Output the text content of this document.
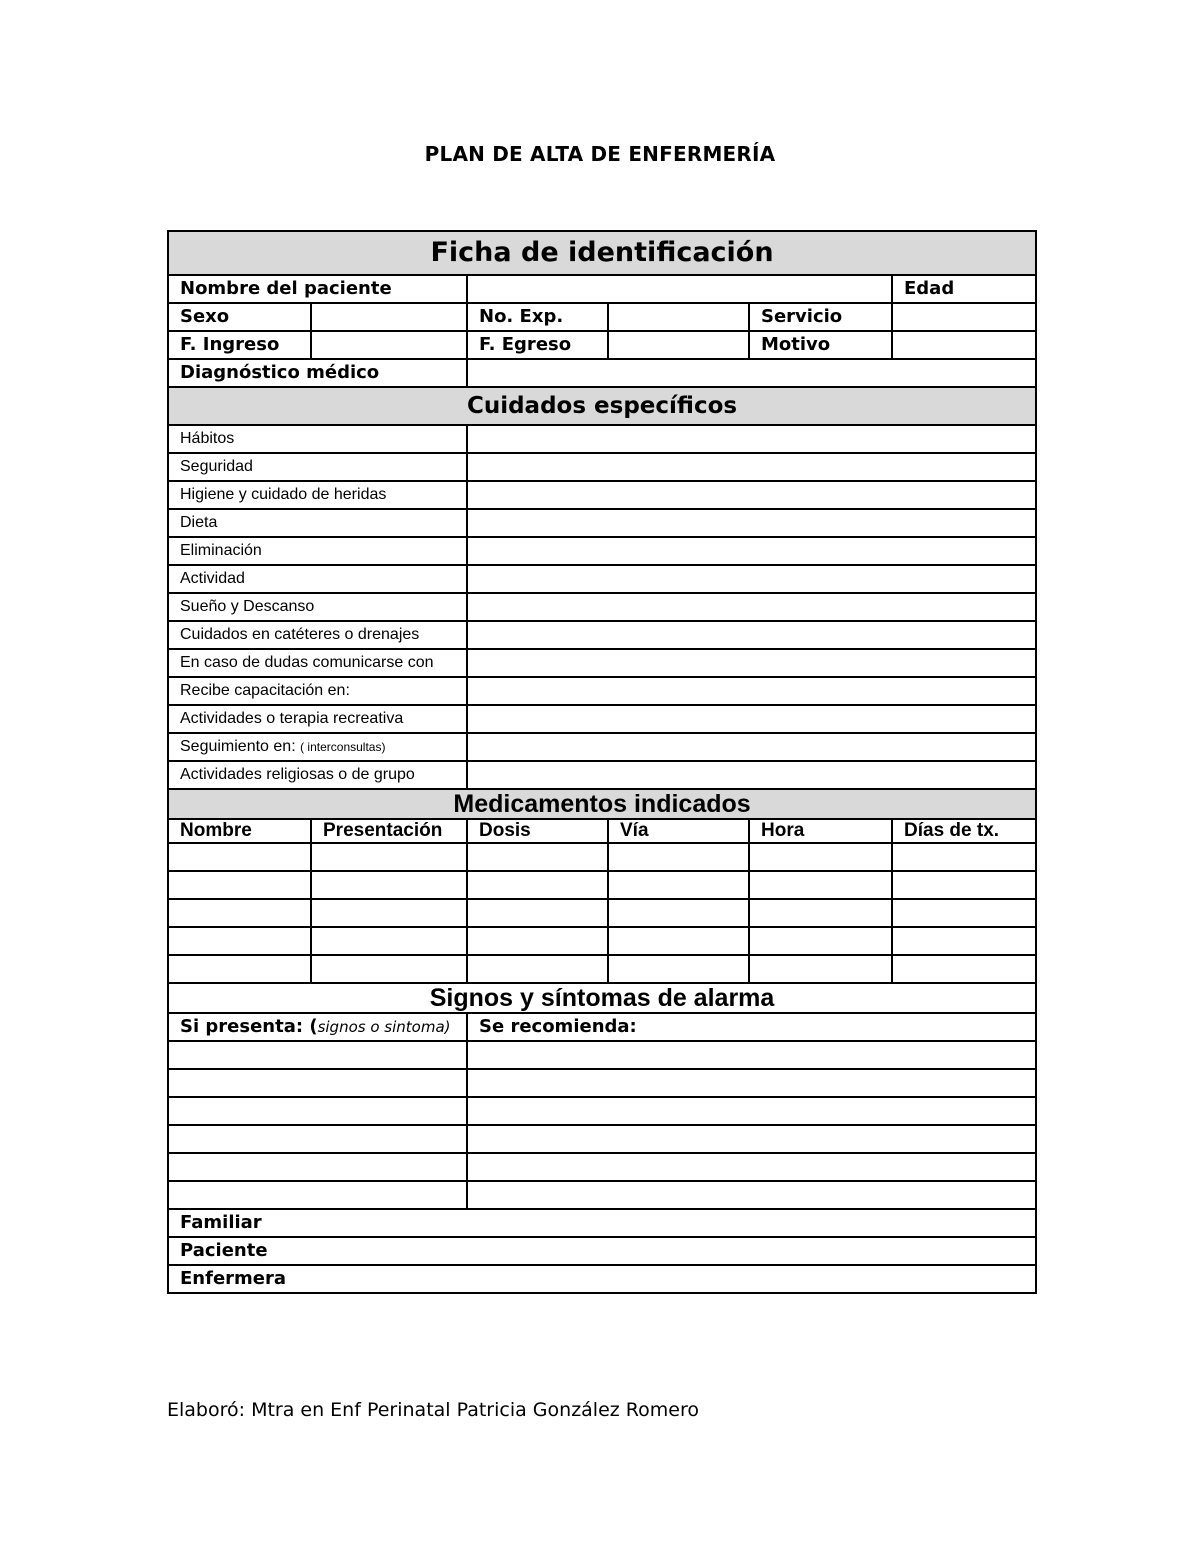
PLAN DE ALTA DE ENFERMERÍA
Ficha de identificación					
Nombre del paciente					Edad
Sexo		No. Exp.		Servicio	
F. Ingreso		F. Egreso		Motivo	
Diagnóstico médico					
Cuidados específicos					
Hábitos					
Seguridad					
Higiene y cuidado de heridas					
Dieta					
Eliminación					
Actividad					
Sueño y Descanso					
Cuidados en catéteres o drenajes					
En caso de dudas comunicarse con					
Recibe capacitación en:					
Actividades o terapia recreativa					
Seguimiento en: ( interconsultas)					
Actividades religiosas o de grupo					
Medicamentos indicados					
Nombre	Presentación	Dosis	Vía	Hora	Días de tx.

Signos y síntomas de alarma					
Si presenta: (signos o sintoma)		Se recomienda:			

Familiar					
Paciente					
Enfermera					
Elaboró: Mtra en Enf Perinatal Patricia González Romero
